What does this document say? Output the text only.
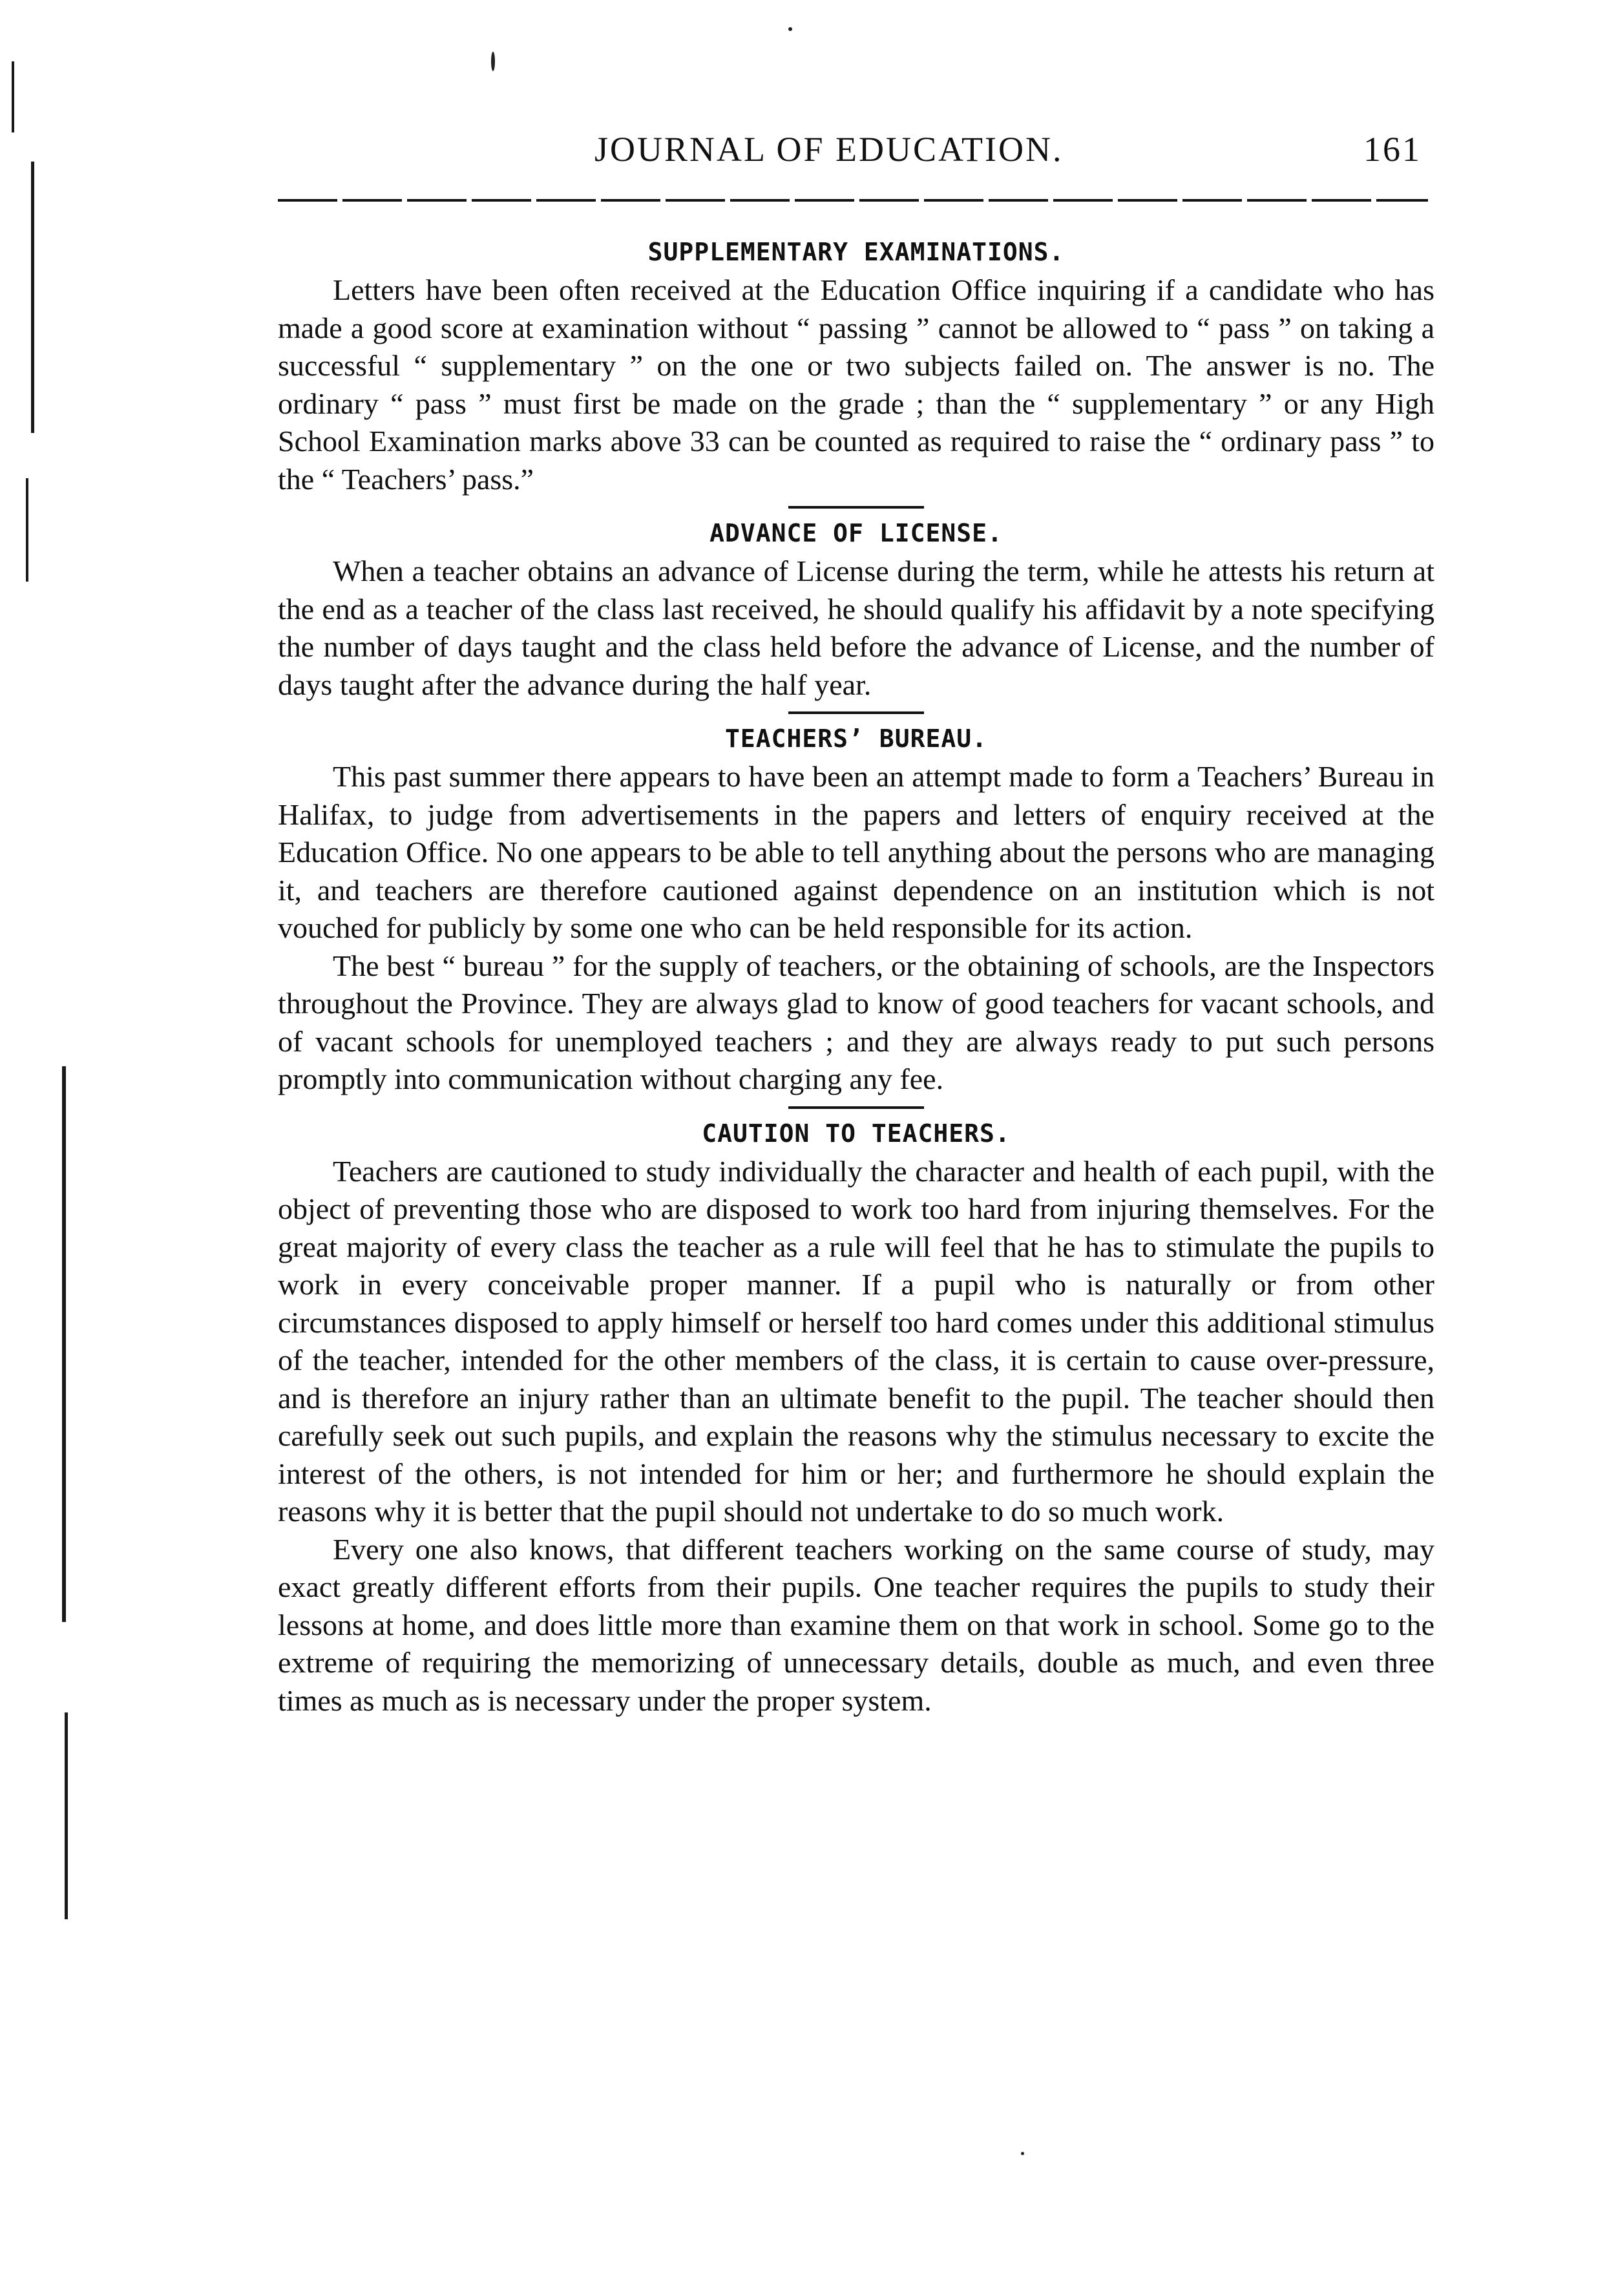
JOURNAL OF EDUCATION.	161
SUPPLEMENTARY EXAMINATIONS.

Letters have been often received at the Education Office inquiring if a candidate who has made a good score at examination without “ passing ” cannot be allowed to “ pass ” on taking a successful “ supplementary ” on the one or two subjects failed on. The answer is no. The ordinary “ pass ” must first be made on the grade ; than the “ supplementary ” or any High School Examination marks above 33 can be counted as required to raise the “ ordinary pass ” to the “ Teachers’ pass.”

ADVANCE OF LICENSE.

When a teacher obtains an advance of License during the term, while he attests his return at the end as a teacher of the class last received, he should qualify his affidavit by a note specifying the number of days taught and the class held before the advance of License, and the number of days taught after the advance during the half year.

TEACHERS’ BUREAU.

This past summer there appears to have been an attempt made to form a Teachers’ Bureau in Halifax, to judge from advertisements in the papers and letters of enquiry received at the Education Office. No one appears to be able to tell anything about the persons who are managing it, and teachers are therefore cautioned against dependence on an institution which is not vouched for publicly by some one who can be held responsible for its action.

The best “ bureau ” for the supply of teachers, or the obtaining of schools, are the Inspectors throughout the Province. They are always glad to know of good teachers for vacant schools, and of vacant schools for unemployed teachers ; and they are always ready to put such persons promptly into communication without charging any fee.

CAUTION TO TEACHERS.

Teachers are cautioned to study individually the character and health of each pupil, with the object of preventing those who are disposed to work too hard from injuring themselves. For the great majority of every class the teacher as a rule will feel that he has to stimulate the pupils to work in every conceivable proper manner. If a pupil who is naturally or from other circumstances disposed to apply himself or herself too hard comes under this additional stimulus of the teacher, intended for the other members of the class, it is certain to cause over-pressure, and is therefore an injury rather than an ultimate benefit to the pupil. The teacher should then carefully seek out such pupils, and explain the reasons why the stimulus necessary to excite the interest of the others, is not intended for him or her; and furthermore he should explain the reasons why it is better that the pupil should not undertake to do so much work.

Every one also knows, that different teachers working on the same course of study, may exact greatly different efforts from their pupils. One teacher requires the pupils to study their lessons at home, and does little more than examine them on that work in school. Some go to the extreme of requiring the memorizing of unnecessary details, double as much, and even three times as much as is necessary under the proper system.
